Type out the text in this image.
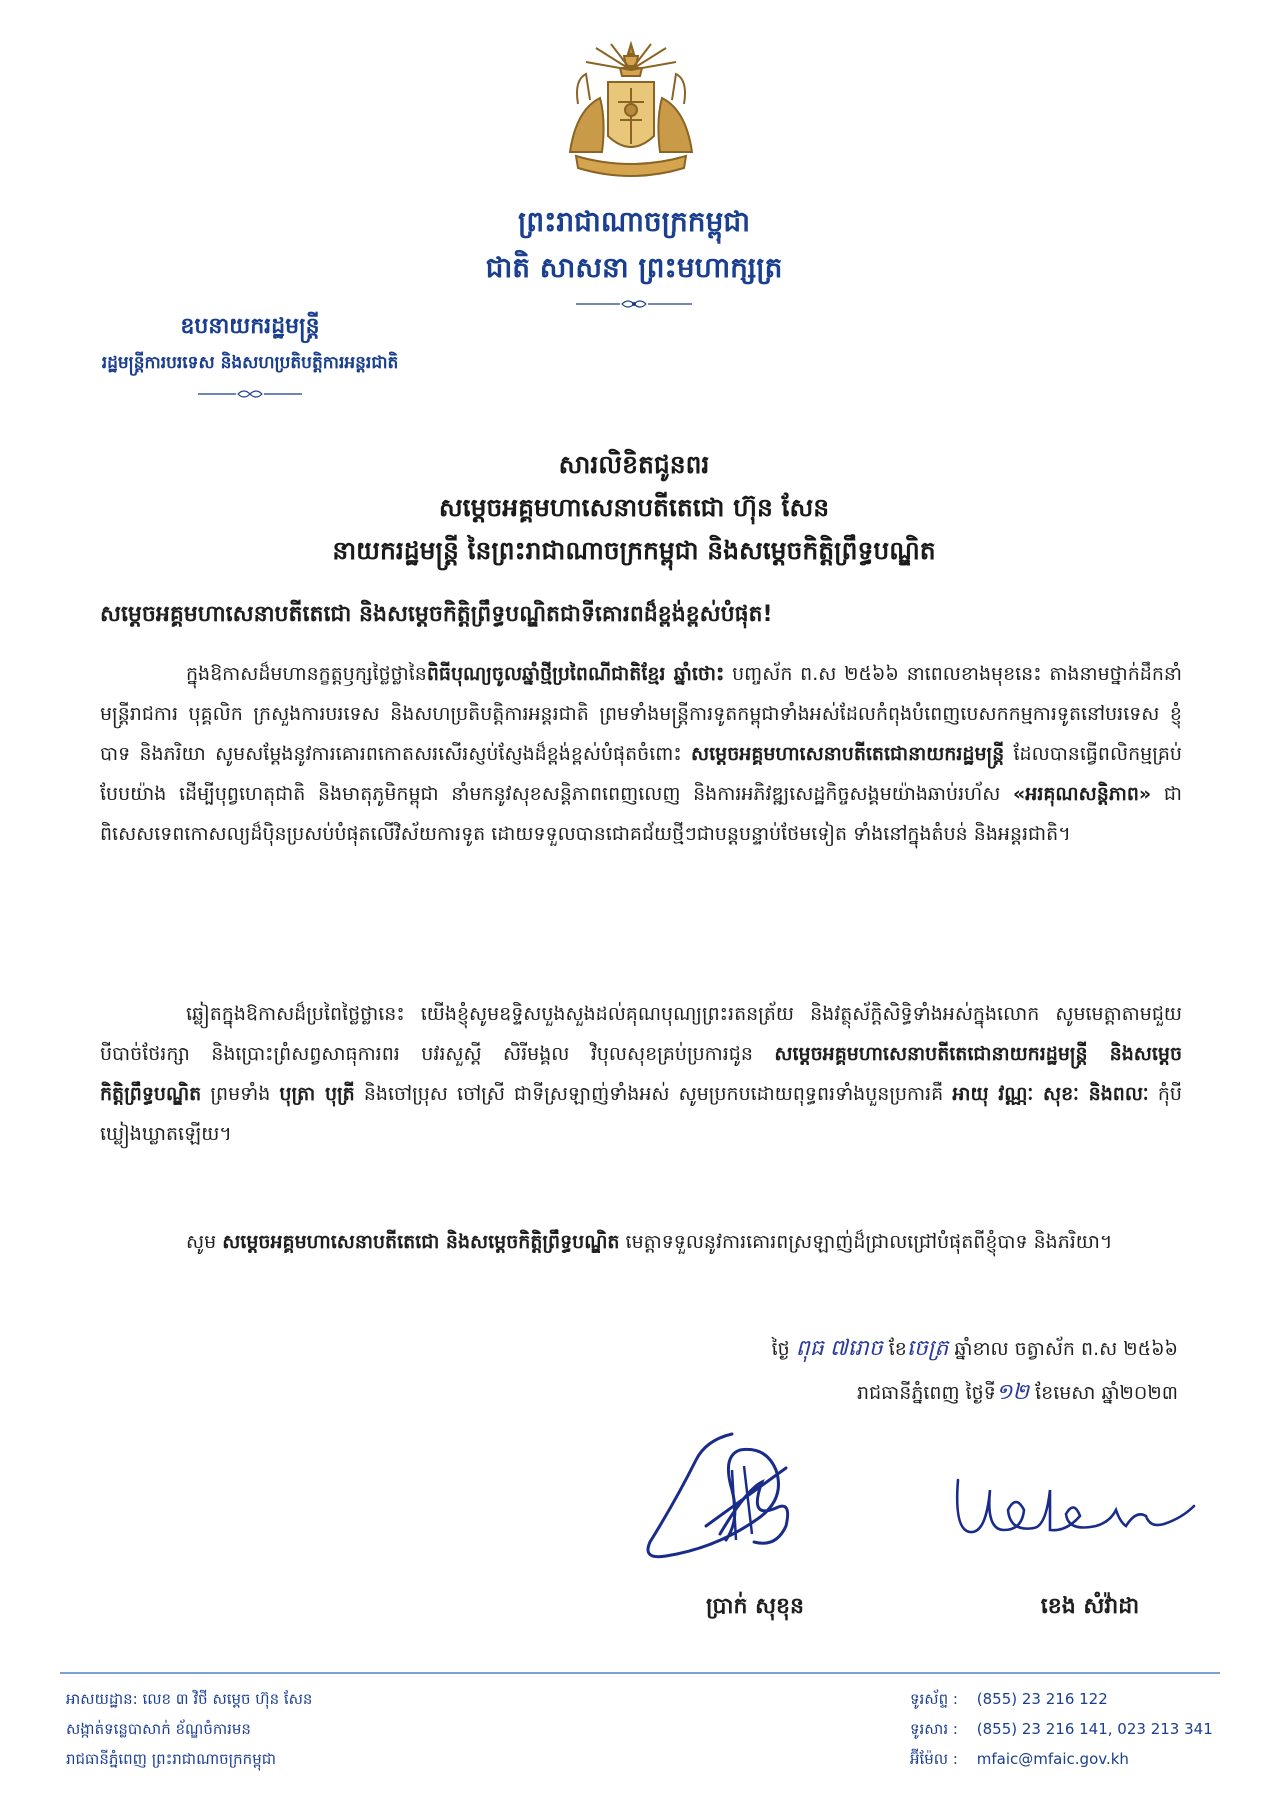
ព្រះរាជាណាចក្រកម្ពុជា
ជាតិ សាសនា ព្រះមហាក្សត្រ
ឧបនាយករដ្ឋមន្ត្រី
រដ្ឋមន្ត្រីការបរទេស និងសហប្រតិបត្តិការអន្តរជាតិ
សារលិខិតជូនពរ
សម្តេចអគ្គមហាសេនាបតីតេជោ ហ៊ុន សែន
នាយករដ្ឋមន្ត្រី នៃព្រះរាជាណាចក្រកម្ពុជា និងសម្តេចកិត្តិព្រឹទ្ធបណ្ឌិត
សម្តេចអគ្គមហាសេនាបតីតេជោ និងសម្តេចកិត្តិព្រឹទ្ធបណ្ឌិតជាទីគោរពដ៏ខ្ពង់ខ្ពស់បំផុត!
ក្នុងឱកាសដ៏មហានក្ខត្តឫក្សថ្លៃថ្លានៃពិធីបុណ្យចូលឆ្នាំថ្មីប្រពៃណីជាតិខ្មែរ ឆ្នាំថោះ បញ្ចស័ក ព.ស ២៥៦៦ នាពេលខាងមុខនេះ តាងនាមថ្នាក់ដឹកនាំ មន្ត្រីរាជការ បុគ្គលិក ក្រសួងការបរទេស និងសហប្រតិបត្តិការអន្តរជាតិ ព្រមទាំងមន្ត្រីការទូតកម្ពុជាទាំងអស់ដែលកំពុងបំពេញបេសកកម្មការទូតនៅបរទេស ខ្ញុំបាទ និងភរិយា សូមសម្តែងនូវការគោរពកោតសរសើរស្ញប់ស្ញែងដ៏ខ្ពង់ខ្ពស់បំផុតចំពោះ សម្តេចអគ្គមហាសេនាបតីតេជោនាយករដ្ឋមន្ត្រី ដែលបានធ្វើពលិកម្មគ្រប់បែបយ៉ាង ដើម្បីបុព្វហេតុជាតិ និងមាតុភូមិកម្ពុជា នាំមកនូវសុខសន្តិភាពពេញលេញ និងការអភិវឌ្ឍសេដ្ឋកិច្ចសង្គមយ៉ាងឆាប់រហ័ស «អរគុណសន្តិភាព» ជាពិសេសទេពកោសល្យដ៏ប៉ិនប្រសប់បំផុតលើវិស័យការទូត ដោយទទួលបានជោគជ័យថ្មីៗជាបន្តបន្ទាប់ថែមទៀត ទាំងនៅក្នុងតំបន់ និងអន្តរជាតិ។
ឆ្លៀតក្នុងឱកាសដ៏ប្រពៃថ្លៃថ្លានេះ យើងខ្ញុំសូមឧទ្ទិសបួងសួងដល់គុណបុណ្យព្រះរតនត្រ័យ និងវត្ថុស័ក្តិសិទ្ធិទាំងអស់ក្នុងលោក សូមមេត្តាតាមជួយបីបាច់ថែរក្សា និងប្រោះព្រំសព្វសាធុការពរ បវរសួស្តី សិរីមង្គល វិបុលសុខគ្រប់ប្រការជូន សម្តេចអគ្គមហាសេនាបតីតេជោនាយករដ្ឋមន្ត្រី និងសម្តេចកិត្តិព្រឹទ្ធបណ្ឌិត ព្រមទាំង បុត្រា បុត្រី និងចៅប្រុស ចៅស្រី ជាទីស្រឡាញ់ទាំងអស់ សូមប្រកបដោយពុទ្ធពរទាំងបួនប្រការគឺ អាយុ វណ្ណៈ សុខៈ និងពលៈ កុំបីឃ្លៀងឃ្លាតឡើយ។
សូម សម្តេចអគ្គមហាសេនាបតីតេជោ និងសម្តេចកិត្តិព្រឹទ្ធបណ្ឌិត មេត្តាទទួលនូវការគោរពស្រឡាញ់ដ៏ជ្រាលជ្រៅបំផុតពីខ្ញុំបាទ និងភរិយា។
ថ្ងៃ ពុធ ៧រោច ខែចេត្រ ឆ្នាំខាល ចត្វាស័ក ព.ស ២៥៦៦
រាជធានីភ្នំពេញ ថ្ងៃទី១២ ខែមេសា ឆ្នាំ២០២៣
ប្រាក់ សុខុន	ខេង សំវ៉ាដា
អាសយដ្ឋាន: លេខ ៣ វិថី សម្តេច ហ៊ុន សែន
សង្កាត់ទន្លេបាសាក់ ខ័ណ្ឌចំការមន
រាជធានីភ្នំពេញ ព្រះរាជាណាចក្រកម្ពុជា
ទូរស័ព្ទ : (855) 23 216 122
ទូរសារ : (855) 23 216 141, 023 213 341
អ៊ីម៉ែល : mfaic@mfaic.gov.kh
